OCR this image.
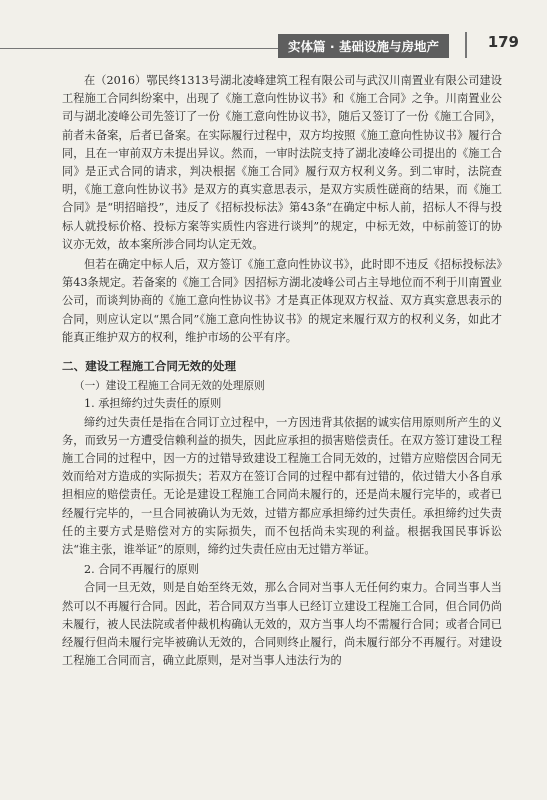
实体篇 · 基础设施与房地产	179

在（2016）鄂民终1313号湖北凌峰建筑工程有限公司与武汉川南置业有限公司建设工程施工合同纠纷案中，出现了《施工意向性协议书》和《施工合同》之争。川南置业公司与湖北凌峰公司先签订了一份《施工意向性协议书》，随后又签订了一份《施工合同》，前者未备案，后者已备案。在实际履行过程中，双方均按照《施工意向性协议书》履行合同，且在一审前双方未提出异议。然而，一审时法院支持了湖北凌峰公司提出的《施工合同》是正式合同的请求，判决根据《施工合同》履行双方权利义务。到二审时，法院查明，《施工意向性协议书》是双方的真实意思表示，是双方实质性磋商的结果，而《施工合同》是“明招暗投”，违反了《招标投标法》第43条“在确定中标人前，招标人不得与投标人就投标价格、投标方案等实质性内容进行谈判”的规定，中标无效，中标前签订的协议亦无效，故本案所涉合同均认定无效。

但若在确定中标人后，双方签订《施工意向性协议书》，此时即不违反《招标投标法》第43条规定。若备案的《施工合同》因招标方湖北凌峰公司占主导地位而不利于川南置业公司，而谈判协商的《施工意向性协议书》才是真正体现双方权益、双方真实意思表示的合同，则应认定以“黑合同”《施工意向性协议书》的规定来履行双方的权利义务，如此才能真正维护双方的权利，维护市场的公平有序。

二、建设工程施工合同无效的处理

（一）建设工程施工合同无效的处理原则

1. 承担缔约过失责任的原则

缔约过失责任是指在合同订立过程中，一方因违背其依据的诚实信用原则所产生的义务，而致另一方遭受信赖利益的损失，因此应承担的损害赔偿责任。在双方签订建设工程施工合同的过程中，因一方的过错导致建设工程施工合同无效的，过错方应赔偿因合同无效而给对方造成的实际损失；若双方在签订合同的过程中都有过错的，依过错大小各自承担相应的赔偿责任。无论是建设工程施工合同尚未履行的，还是尚未履行完毕的，或者已经履行完毕的，一旦合同被确认为无效，过错方都应承担缔约过失责任。承担缔约过失责任的主要方式是赔偿对方的实际损失，而不包括尚未实现的利益。根据我国民事诉讼法“谁主张，谁举证”的原则，缔约过失责任应由无过错方举证。

2. 合同不再履行的原则

合同一旦无效，则是自始至终无效，那么合同对当事人无任何约束力。合同当事人当然可以不再履行合同。因此，若合同双方当事人已经订立建设工程施工合同，但合同仍尚未履行，被人民法院或者仲裁机构确认无效的，双方当事人均不需履行合同；或者合同已经履行但尚未履行完毕被确认无效的，合同则终止履行，尚未履行部分不再履行。对建设工程施工合同而言，确立此原则，是对当事人违法行为的
